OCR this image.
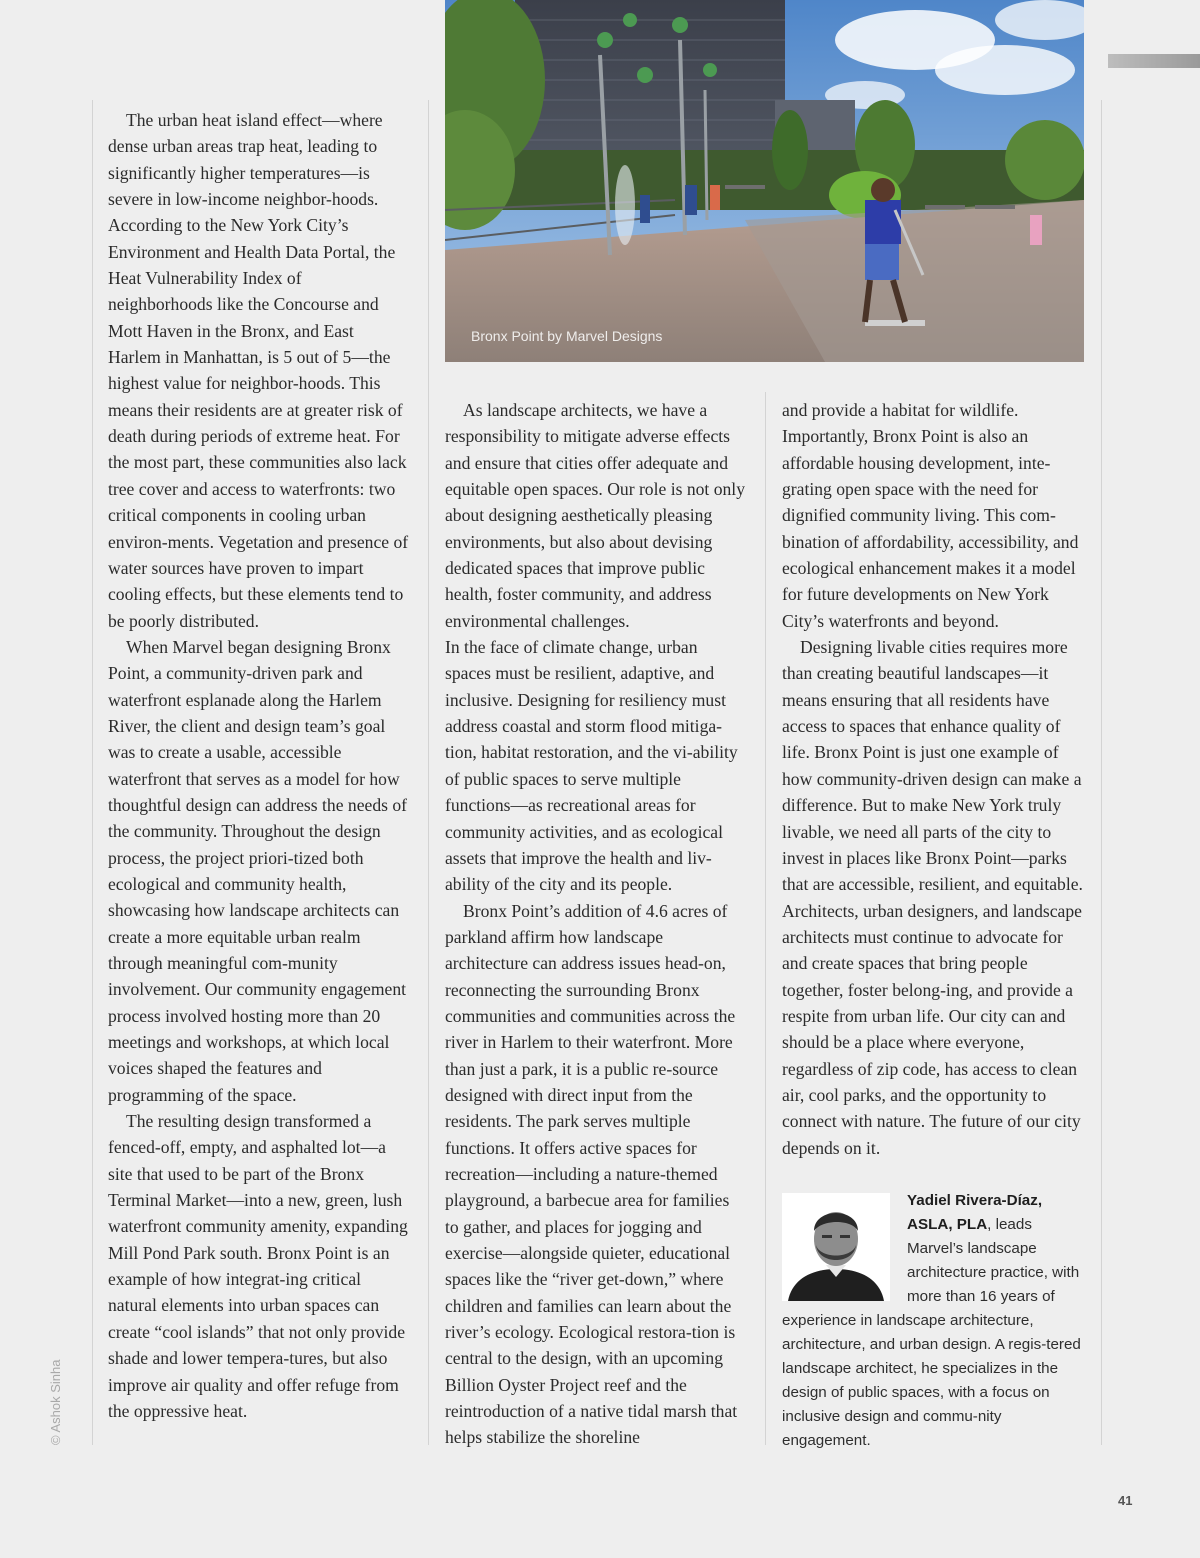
Bronx Point by Marvel Designs

The urban heat island effect—where dense urban areas trap heat, leading to significantly higher temperatures—is severe in low-income neighbor-hoods. According to the New York City’s Environment and Health Data Portal, the Heat Vulnerability Index of neighborhoods like the Concourse and Mott Haven in the Bronx, and East Harlem in Manhattan, is 5 out of 5—the highest value for neighbor-hoods. This means their residents are at greater risk of death during periods of extreme heat. For the most part, these communities also lack tree cover and access to waterfronts: two critical components in cooling urban environ-ments. Vegetation and presence of water sources have proven to impart cooling effects, but these elements tend to be poorly distributed.

When Marvel began designing Bronx Point, a community-driven park and waterfront esplanade along the Harlem River, the client and design team’s goal was to create a usable, accessible waterfront that serves as a model for how thoughtful design can address the needs of the community. Throughout the design process, the project priori-tized both ecological and community health, showcasing how landscape architects can create a more equitable urban realm through meaningful com-munity involvement. Our community engagement process involved hosting more than 20 meetings and workshops, at which local voices shaped the features and programming of the space.

The resulting design transformed a fenced-off, empty, and asphalted lot—a site that used to be part of the Bronx Terminal Market—into a new, green, lush waterfront community amenity, expanding Mill Pond Park south. Bronx Point is an example of how integrat-ing critical natural elements into urban spaces can create “cool islands” that not only provide shade and lower tempera-tures, but also improve air quality and offer refuge from the oppressive heat.

As landscape architects, we have a responsibility to mitigate adverse effects and ensure that cities offer adequate and equitable open spaces. Our role is not only about designing aesthetically pleasing environments, but also about devising dedicated spaces that improve public health, foster community, and address environmental challenges.

In the face of climate change, urban spaces must be resilient, adaptive, and inclusive. Designing for resiliency must address coastal and storm flood mitiga-tion, habitat restoration, and the vi-ability of public spaces to serve multiple functions—as recreational areas for community activities, and as ecological assets that improve the health and liv-ability of the city and its people.

Bronx Point’s addition of 4.6 acres of parkland affirm how landscape architecture can address issues head-on, reconnecting the surrounding Bronx communities and communities across the river in Harlem to their waterfront. More than just a park, it is a public re-source designed with direct input from the residents. The park serves multiple functions. It offers active spaces for recreation—including a nature-themed playground, a barbecue area for families to gather, and places for jogging and exercise—alongside quieter, educational spaces like the “river get-down,” where children and families can learn about the river’s ecology. Ecological restora-tion is central to the design, with an upcoming Billion Oyster Project reef and the reintroduction of a native tidal marsh that helps stabilize the shoreline

and provide a habitat for wildlife. Importantly, Bronx Point is also an affordable housing development, inte-grating open space with the need for dignified community living. This com-bination of affordability, accessibility, and ecological enhancement makes it a model for future developments on New York City’s waterfronts and beyond.

Designing livable cities requires more than creating beautiful landscapes—it means ensuring that all residents have access to spaces that enhance quality of life. Bronx Point is just one example of how community-driven design can make a difference. But to make New York truly livable, we need all parts of the city to invest in places like Bronx Point—parks that are accessible, resilient, and equitable. Architects, urban designers, and landscape architects must continue to advocate for and create spaces that bring people together, foster belong-ing, and provide a respite from urban life. Our city can and should be a place where everyone, regardless of zip code, has access to clean air, cool parks, and the opportunity to connect with nature. The future of our city depends on it.

Yadiel Rivera-Díaz, ASLA, PLA, leads Marvel’s landscape architecture practice, with more than 16 years of experience in landscape architecture, architecture, and urban design. A regis-tered landscape architect, he specializes in the design of public spaces, with a focus on inclusive design and commu-nity engagement.
© Ashok Sinha
41
